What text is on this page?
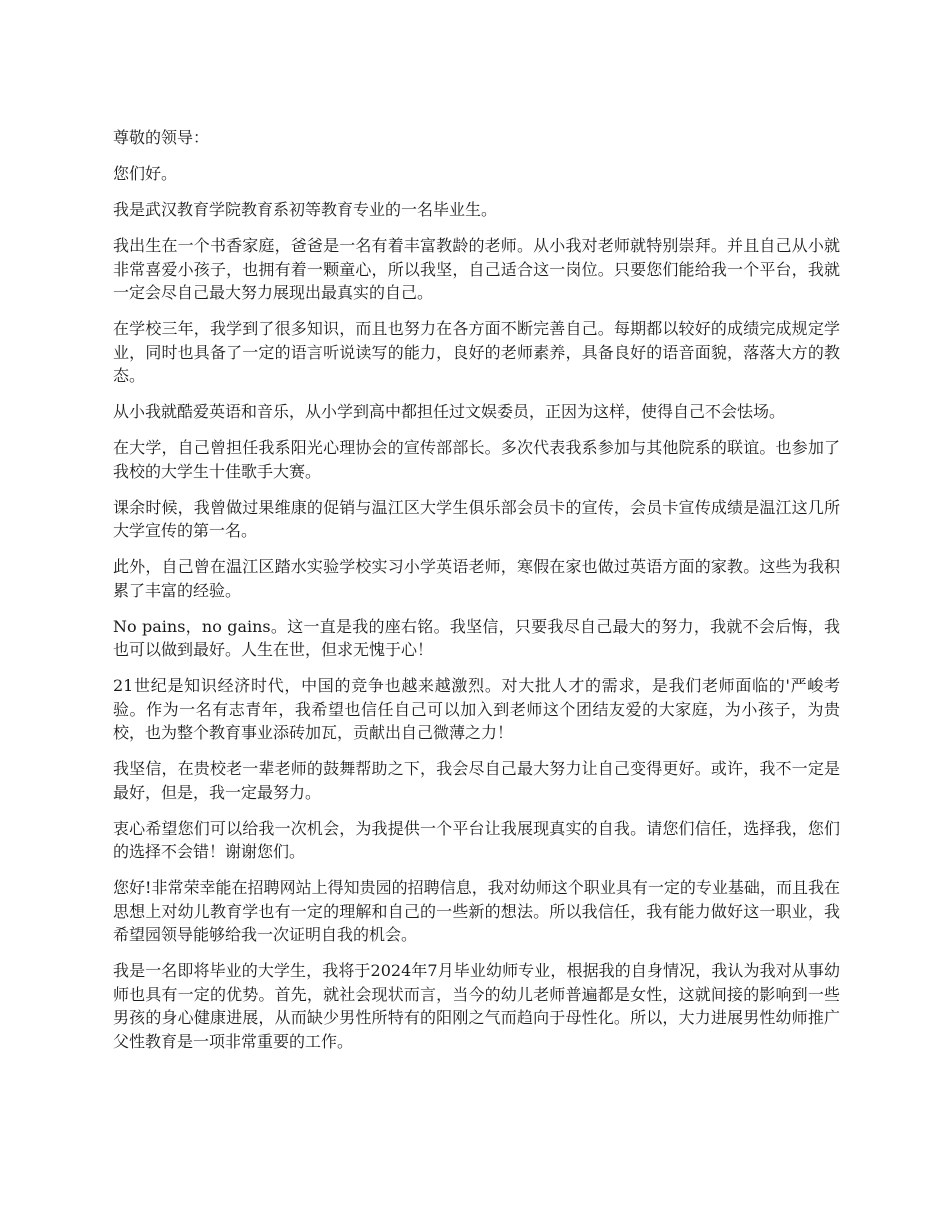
尊敬的领导：

您们好。

我是武汉教育学院教育系初等教育专业的一名毕业生。

我出生在一个书香家庭，爸爸是一名有着丰富教龄的老师。从小我对老师就特别崇拜。并且自己从小就非常喜爱小孩子，也拥有着一颗童心，所以我坚，自己适合这一岗位。只要您们能给我一个平台，我就一定会尽自己最大努力展现出最真实的自己。

在学校三年，我学到了很多知识，而且也努力在各方面不断完善自己。每期都以较好的成绩完成规定学业，同时也具备了一定的语言听说读写的能力，良好的老师素养，具备良好的语音面貌，落落大方的教态。

从小我就酷爱英语和音乐，从小学到高中都担任过文娱委员，正因为这样，使得自己不会怯场。

在大学，自己曾担任我系阳光心理协会的宣传部部长。多次代表我系参加与其他院系的联谊。也参加了我校的大学生十佳歌手大赛。

课余时候，我曾做过果维康的促销与温江区大学生俱乐部会员卡的宣传，会员卡宣传成绩是温江这几所大学宣传的第一名。

此外，自己曾在温江区踏水实验学校实习小学英语老师，寒假在家也做过英语方面的家教。这些为我积累了丰富的经验。

No pains，no gains。这一直是我的座右铭。我坚信，只要我尽自己最大的努力，我就不会后悔，我也可以做到最好。人生在世，但求无愧于心！

21世纪是知识经济时代，中国的竞争也越来越激烈。对大批人才的需求，是我们老师面临的'严峻考验。作为一名有志青年，我希望也信任自己可以加入到老师这个团结友爱的大家庭，为小孩子，为贵校，也为整个教育事业添砖加瓦，贡献出自己微薄之力！

我坚信，在贵校老一辈老师的鼓舞帮助之下，我会尽自己最大努力让自己变得更好。或许，我不一定是最好，但是，我一定最努力。

衷心希望您们可以给我一次机会，为我提供一个平台让我展现真实的自我。请您们信任，选择我，您们的选择不会错！谢谢您们。

您好!非常荣幸能在招聘网站上得知贵园的招聘信息，我对幼师这个职业具有一定的专业基础，而且我在思想上对幼儿教育学也有一定的理解和自己的一些新的想法。所以我信任，我有能力做好这一职业，我希望园领导能够给我一次证明自我的机会。

我是一名即将毕业的大学生，我将于2024年7月毕业幼师专业，根据我的自身情况，我认为我对从事幼师也具有一定的优势。首先，就社会现状而言，当今的幼儿老师普遍都是女性，这就间接的影响到一些男孩的身心健康进展，从而缺少男性所特有的阳刚之气而趋向于母性化。所以，大力进展男性幼师推广父性教育是一项非常重要的工作。
